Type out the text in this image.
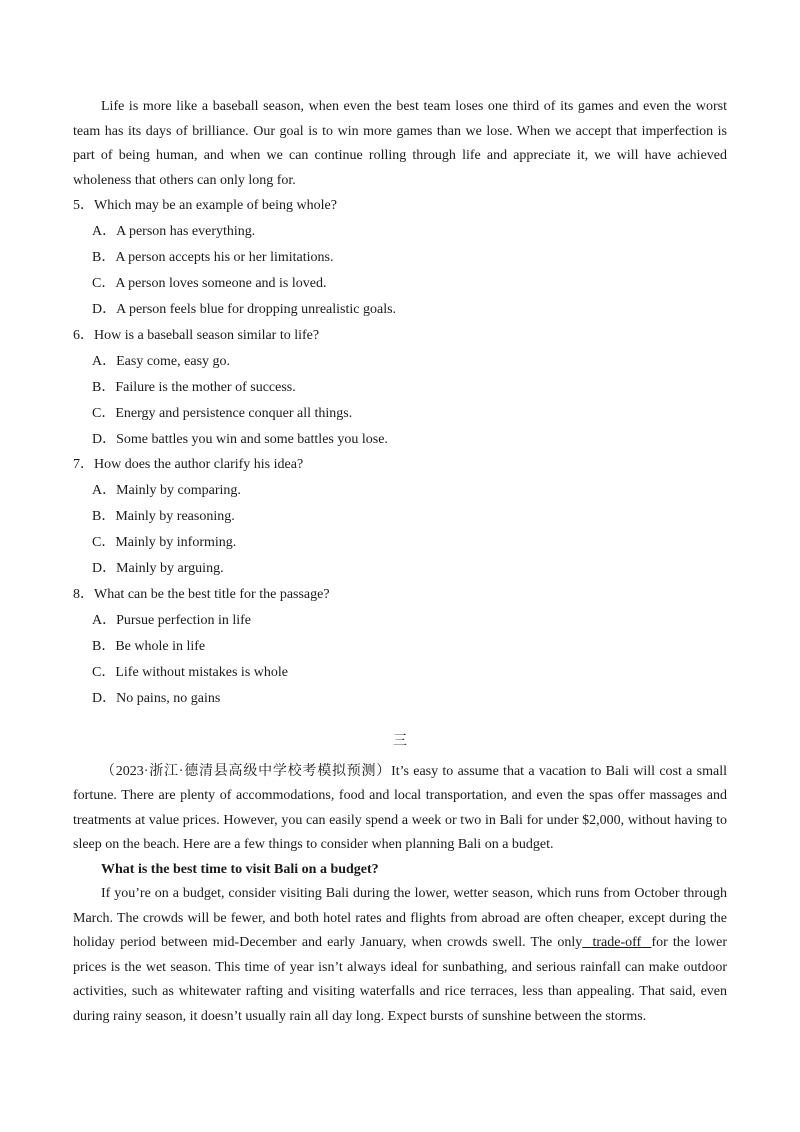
Life is more like a baseball season, when even the best team loses one third of its games and even the worst team has its days of brilliance. Our goal is to win more games than we lose. When we accept that imperfection is part of being human, and when we can continue rolling through life and appreciate it, we will have achieved wholeness that others can only long for.

5．Which may be an example of being whole?

A．A person has everything.

B．A person accepts his or her limitations.

C．A person loves someone and is loved.

D．A person feels blue for dropping unrealistic goals.

6．How is a baseball season similar to life?

A．Easy come, easy go.

B．Failure is the mother of success.

C．Energy and persistence conquer all things.

D．Some battles you win and some battles you lose.

7．How does the author clarify his idea?

A．Mainly by comparing.

B．Mainly by reasoning.

C．Mainly by informing.

D．Mainly by arguing.

8．What can be the best title for the passage?

A．Pursue perfection in life

B．Be whole in life

C．Life without mistakes is whole

D．No pains, no gains

三

（2023·浙江·德清县高级中学校考模拟预测）It’s easy to assume that a vacation to Bali will cost a small fortune. There are plenty of accommodations, food and local transportation, and even the spas offer massages and treatments at value prices. However, you can easily spend a week or two in Bali for under $2,000, without having to sleep on the beach. Here are a few things to consider when planning Bali on a budget.

What is the best time to visit Bali on a budget?

If you’re on a budget, consider visiting Bali during the lower, wetter season, which runs from October through March. The crowds will be fewer, and both hotel rates and flights from abroad are often cheaper, except during the holiday period between mid-December and early January, when crowds swell. The only trade-off for the lower prices is the wet season. This time of year isn’t always ideal for sunbathing, and serious rainfall can make outdoor activities, such as whitewater rafting and visiting waterfalls and rice terraces, less than appealing. That said, even during rainy season, it doesn’t usually rain all day long. Expect bursts of sunshine between the storms.
